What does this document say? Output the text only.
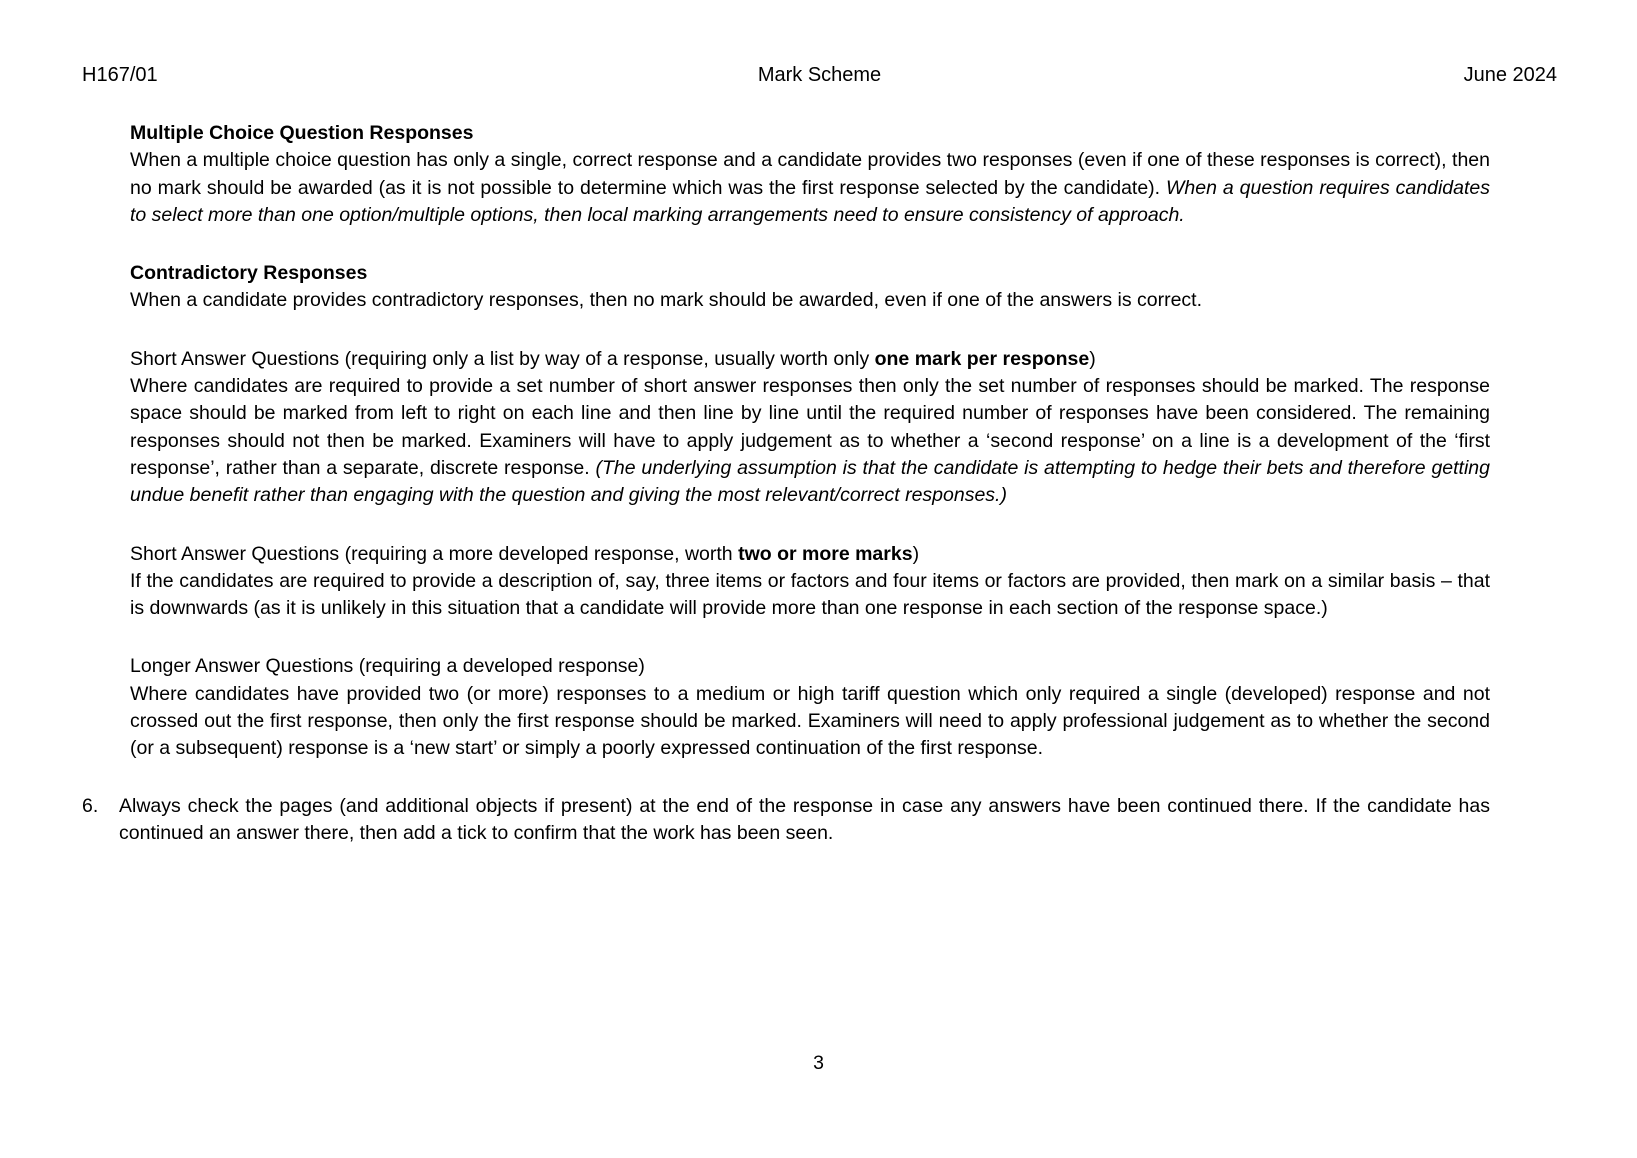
H167/01	Mark Scheme	June 2024

Multiple Choice Question Responses

When a multiple choice question has only a single, correct response and a candidate provides two responses (even if one of these responses is correct), then no mark should be awarded (as it is not possible to determine which was the first response selected by the candidate). When a question requires candidates to select more than one option/multiple options, then local marking arrangements need to ensure consistency of approach.

Contradictory Responses

When a candidate provides contradictory responses, then no mark should be awarded, even if one of the answers is correct.

Short Answer Questions (requiring only a list by way of a response, usually worth only one mark per response)

Where candidates are required to provide a set number of short answer responses then only the set number of responses should be marked. The response space should be marked from left to right on each line and then line by line until the required number of responses have been considered. The remaining responses should not then be marked. Examiners will have to apply judgement as to whether a ‘second response’ on a line is a development of the ‘first response’, rather than a separate, discrete response. (The underlying assumption is that the candidate is attempting to hedge their bets and therefore getting undue benefit rather than engaging with the question and giving the most relevant/correct responses.)

Short Answer Questions (requiring a more developed response, worth two or more marks)

If the candidates are required to provide a description of, say, three items or factors and four items or factors are provided, then mark on a similar basis – that is downwards (as it is unlikely in this situation that a candidate will provide more than one response in each section of the response space.)

Longer Answer Questions (requiring a developed response)

Where candidates have provided two (or more) responses to a medium or high tariff question which only required a single (developed) response and not crossed out the first response, then only the first response should be marked. Examiners will need to apply professional judgement as to whether the second (or a subsequent) response is a ‘new start’ or simply a poorly expressed continuation of the first response.

6.	Always check the pages (and additional objects if present) at the end of the response in case any answers have been continued there. If the candidate has continued an answer there, then add a tick to confirm that the work has been seen.

3
